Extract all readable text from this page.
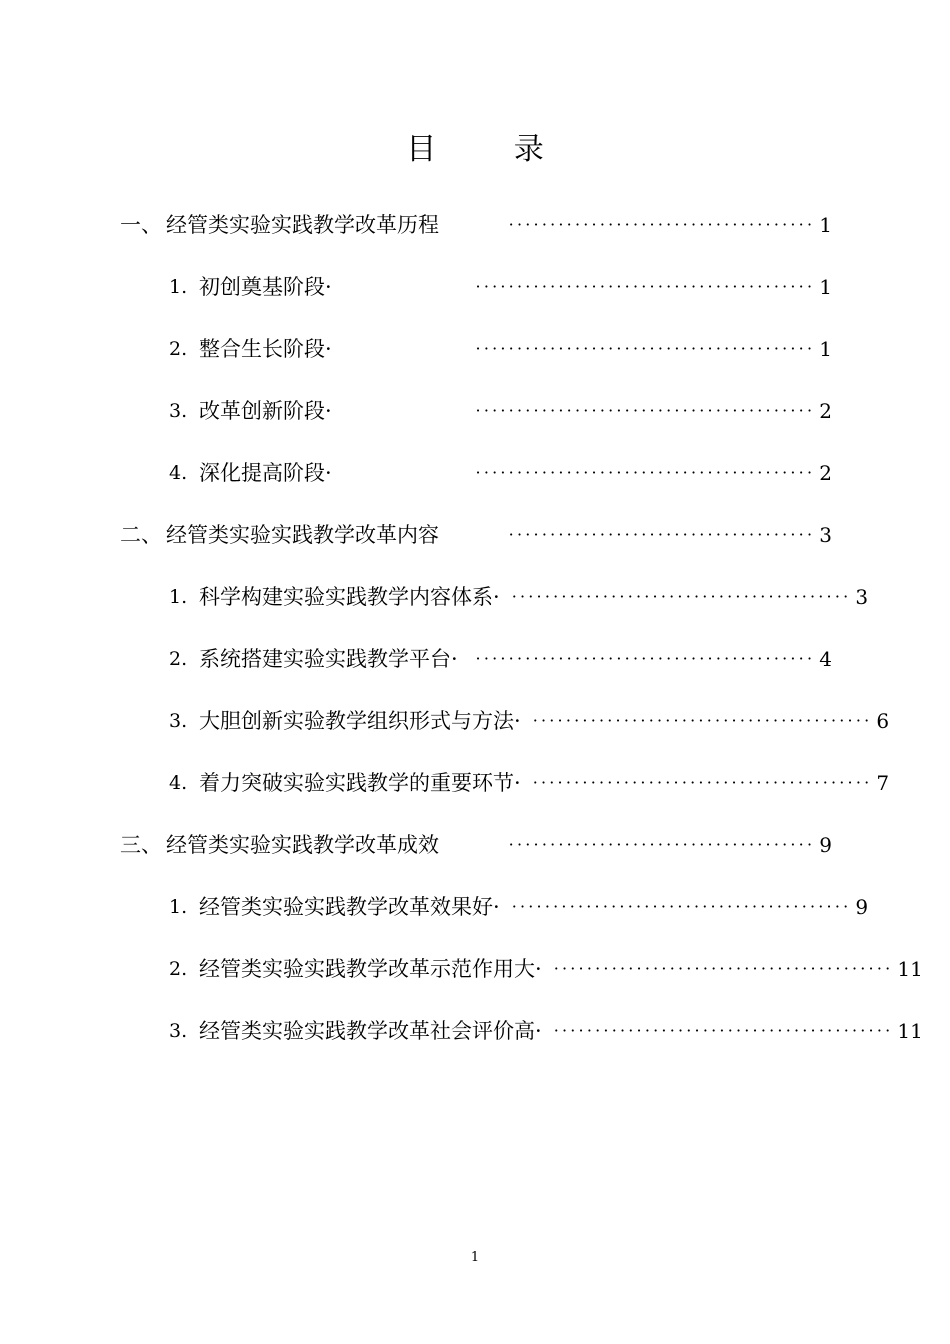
目 录
一、 经管类实验实践教学改革历程	····································· 1
1. 初创奠基阶段·	········································· 1
2. 整合生长阶段·	········································· 1
3. 改革创新阶段·	········································· 2
4. 深化提高阶段·	········································· 2
二、 经管类实验实践教学改革内容	····································· 3
1. 科学构建实验实践教学内容体系· ········································· 3
2. 系统搭建实验实践教学平台·	········································· 4
3. 大胆创新实验教学组织形式与方法· ········································· 6
4. 着力突破实验实践教学的重要环节· ········································· 7
三、 经管类实验实践教学改革成效	····································· 9
1. 经管类实验实践教学改革效果好· ········································· 9
2. 经管类实验实践教学改革示范作用大· ········································· 11
3. 经管类实验实践教学改革社会评价高· ········································· 11
1
